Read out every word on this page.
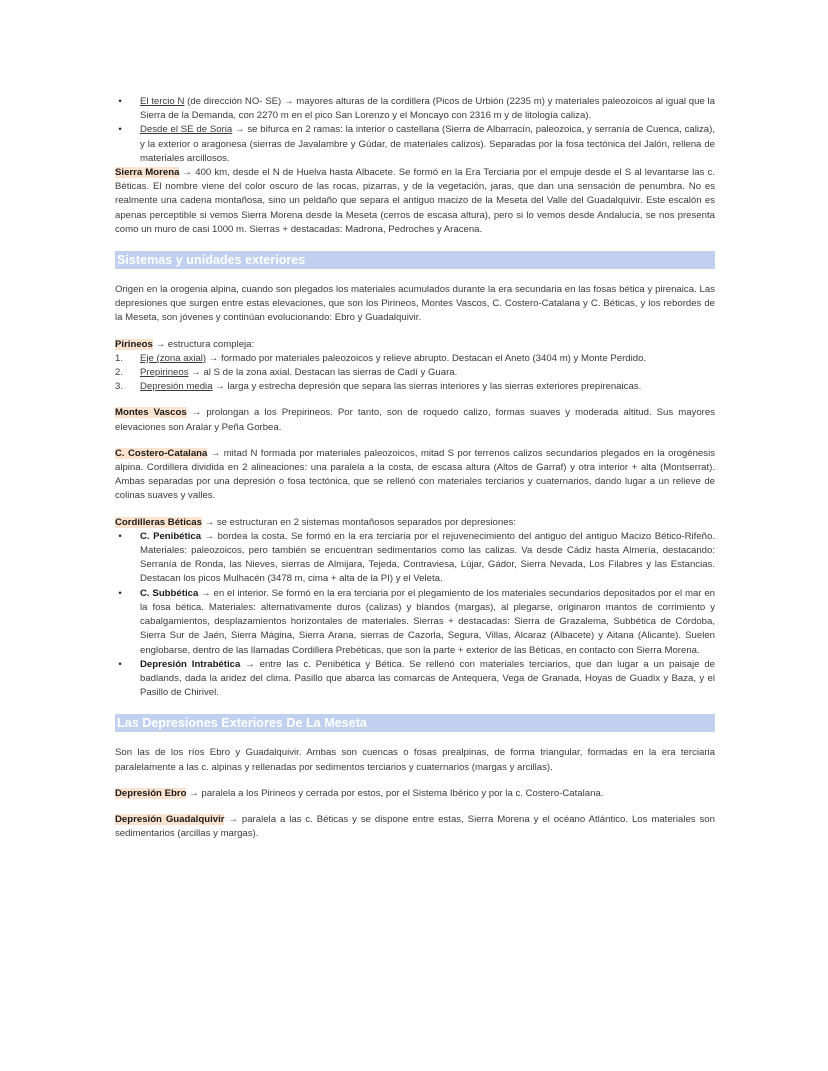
•	El tercio N (de dirección NO- SE) → mayores alturas de la cordillera (Picos de Urbión (2235 m) y materiales paleozoicos al igual que la Sierra de la Demanda, con 2270 m en el pico San Lorenzo y el Moncayo con 2316 m y de litología caliza).
•	Desde el SE de Soria → se bifurca en 2 ramas: la interior o castellana (Sierra de Albarracín, paleozoica, y serranía de Cuenca, caliza), y la exterior o aragonesa (sierras de Javalambre y Gúdar, de materiales calizos). Separadas por la fosa tectónica del Jalón, rellena de materiales arcillosos.

Sierra Morena → 400 km, desde el N de Huelva hasta Albacete. Se formó en la Era Terciaria por el empuje desde el S al levantarse las c. Béticas. El nombre viene del color oscuro de las rocas, pizarras, y de la vegetación, jaras, que dan una sensación de penumbra. No es realmente una cadena montañosa, sino un peldaño que separa el antiguo macizo de la Meseta del Valle del Guadalquivir. Este escalón es apenas perceptible si vemos Sierra Morena desde la Meseta (cerros de escasa altura), pero si lo vemos desde Andalucía, se nos presenta como un muro de casi 1000 m. Sierras + destacadas: Madrona, Pedroches y Aracena.

Sistemas y unidades exteriores

Origen en la orogenia alpina, cuando son plegados los materiales acumulados durante la era secundaria en las fosas bética y pirenaica. Las depresiones que surgen entre estas elevaciones, que son los Pirineos, Montes Vascos, C. Costero-Catalana y C. Béticas, y los rebordes de la Meseta, son jóvenes y continúan evolucionando: Ebro y Guadalquivir.

Pirineos → estructura compleja:

1. Eje (zona axial) → formado por materiales paleozoicos y relieve abrupto. Destacan el Aneto (3404 m) y Monte Perdido.
2. Prepirineos → al S de la zona axial. Destacan las sierras de Cadí y Guara.
3. Depresión media → larga y estrecha depresión que separa las sierras interiores y las sierras exteriores prepirenaicas.

Montes Vascos → prolongan a los Prepirineos. Por tanto, son de roquedo calizo, formas suaves y moderada altitud. Sus mayores elevaciones son Aralar y Peña Gorbea.

C. Costero-Catalana → mitad N formada por materiales paleozoicos, mitad S por terrenos calizos secundarios plegados en la orogénesis alpina. Cordillera dividida en 2 alineaciones: una paralela a la costa, de escasa altura (Altos de Garraf) y otra interior + alta (Montserrat). Ambas separadas por una depresión o fosa tectónica, que se rellenó con materiales terciarios y cuaternarios, dando lugar a un relieve de colinas suaves y valles.

Cordilleras Béticas → se estructuran en 2 sistemas montañosos separados por depresiones:

•	C. Penibética → bordea la costa. Se formó en la era terciaria por el rejuvenecimiento del antiguo del antiguo Macizo Bético-Rifeño. Materiales: paleozoicos, pero también se encuentran sedimentarios como las calizas. Va desde Cádiz hasta Almería, destacando: Serranía de Ronda, las Nieves, sierras de Almijara, Tejeda, Contraviesa, Lújar, Gádor, Sierra Nevada, Los Filabres y las Estancias. Destacan los picos Mulhacén (3478 m, cima + alta de la PI) y el Veleta.
•	C. Subbética → en el interior. Se formó en la era terciaria por el plegamiento de los materiales secundarios depositados por el mar en la fosa bética. Materiales: alternativamente duros (calizas) y blandos (margas), al plegarse, originaron mantos de corrimiento y cabalgamientos, desplazamientos horizontales de materiales. Sierras + destacadas: Sierra de Grazalema, Subbética de Córdoba, Sierra Sur de Jaén, Sierra Mágina, Sierra Arana, sierras de Cazorla, Segura, Villas, Alcaraz (Albacete) y Aitana (Alicante). Suelen englobarse, dentro de las llamadas Cordillera Prebéticas, que son la parte + exterior de las Béticas, en contacto con Sierra Morena.
•	Depresión Intrabética → entre las c. Penibética y Bética. Se rellenó con materiales terciarios, que dan lugar a un paisaje de badlands, dada la aridez del clima. Pasillo que abarca las comarcas de Antequera, Vega de Granada, Hoyas de Guadix y Baza, y el Pasillo de Chirivel.
Las Depresiones Exteriores De La Meseta

Son las de los ríos Ebro y Guadalquivir. Ambas son cuencas o fosas prealpinas, de forma triangular, formadas en la era terciaria paralelamente a las c. alpinas y rellenadas por sedimentos terciarios y cuaternarios (margas y arcillas).

Depresión Ebro → paralela a los Pirineos y cerrada por estos, por el Sistema Ibérico y por la c. Costero-Catalana.

Depresión Guadalquivir → paralela a las c. Béticas y se dispone entre estas, Sierra Morena y el océano Atlántico. Los materiales son sedimentarios (arcillas y margas).
